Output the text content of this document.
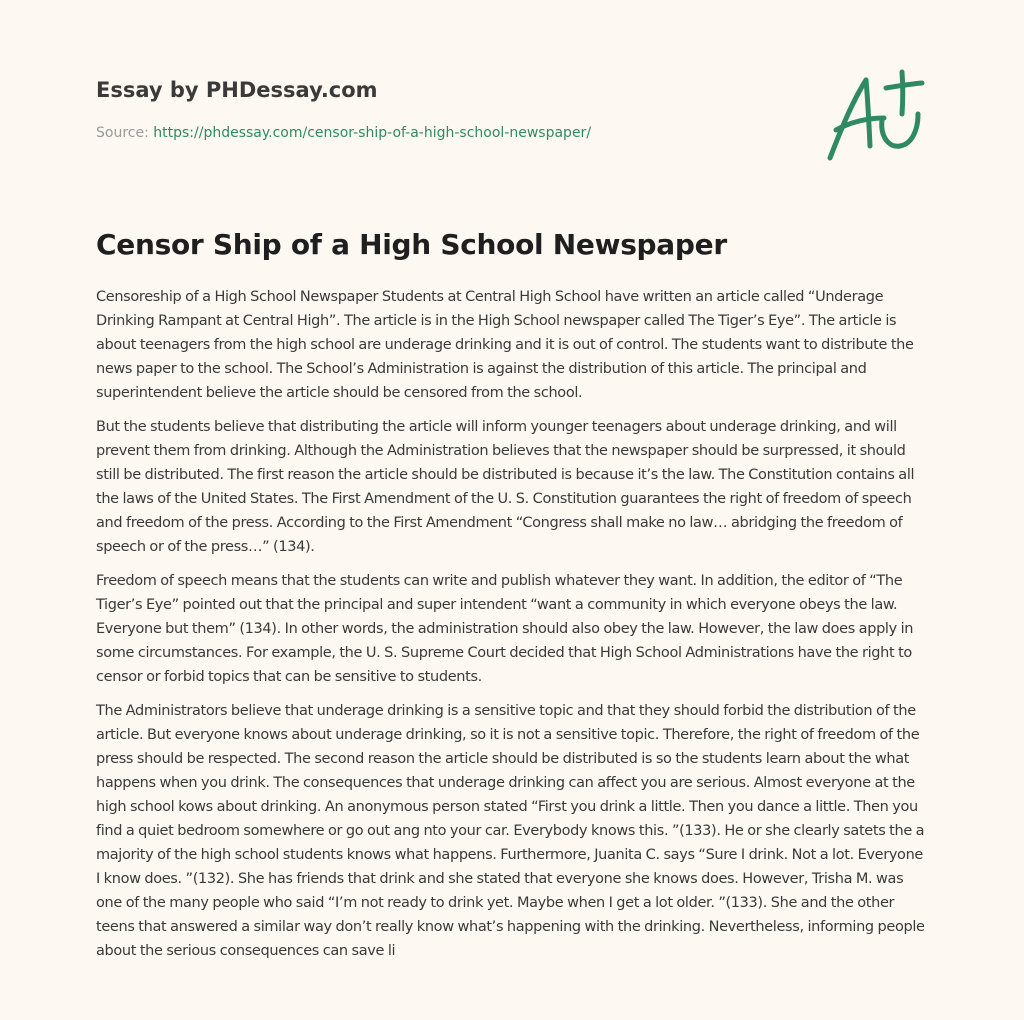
Essay by PHDessay.com
Source: https://phdessay.com/censor-ship-of-a-high-school-newspaper/
Censor Ship of a High School Newspaper

Censoreship of a High School Newspaper Students at Central High School have written an article called “Underage Drinking Rampant at Central High”. The article is in the High School newspaper called The Tiger’s Eye”. The article is about teenagers from the high school are underage drinking and it is out of control. The students want to distribute the news paper to the school. The School’s Administration is against the distribution of this article. The principal and superintendent believe the article should be censored from the school.

But the students believe that distributing the article will inform younger teenagers about underage drinking, and will prevent them from drinking. Although the Administration believes that the newspaper should be surpressed, it should still be distributed. The first reason the article should be distributed is because it’s the law. The Constitution contains all the laws of the United States. The First Amendment of the U. S. Constitution guarantees the right of freedom of speech and freedom of the press. According to the First Amendment “Congress shall make no law… abridging the freedom of speech or of the press…” (134).

Freedom of speech means that the students can write and publish whatever they want. In addition, the editor of “The Tiger’s Eye” pointed out that the principal and super intendent “want a community in which everyone obeys the law. Everyone but them” (134). In other words, the administration should also obey the law. However, the law does apply in some circumstances. For example, the U. S. Supreme Court decided that High School Administrations have the right to censor or forbid topics that can be sensitive to students.

The Administrators believe that underage drinking is a sensitive topic and that they should forbid the distribution of the article. But everyone knows about underage drinking, so it is not a sensitive topic. Therefore, the right of freedom of the press should be respected. The second reason the article should be distributed is so the students learn about the what happens when you drink. The consequences that underage drinking can affect you are serious. Almost everyone at the high school kows about drinking. An anonymous person stated “First you drink a little. Then you dance a little. Then you find a quiet bedroom somewhere or go out ang nto your car. Everybody knows this. ”(133). He or she clearly satets the a majority of the high school students knows what happens. Furthermore, Juanita C. says “Sure I drink. Not a lot. Everyone I know does. ”(132). She has friends that drink and she stated that everyone she knows does. However, Trisha M. was one of the many people who said “I’m not ready to drink yet. Maybe when I get a lot older. ”(133). She and the other teens that answered a similar way don’t really know what’s happening with the drinking. Nevertheless, informing people about the serious consequences can save li
